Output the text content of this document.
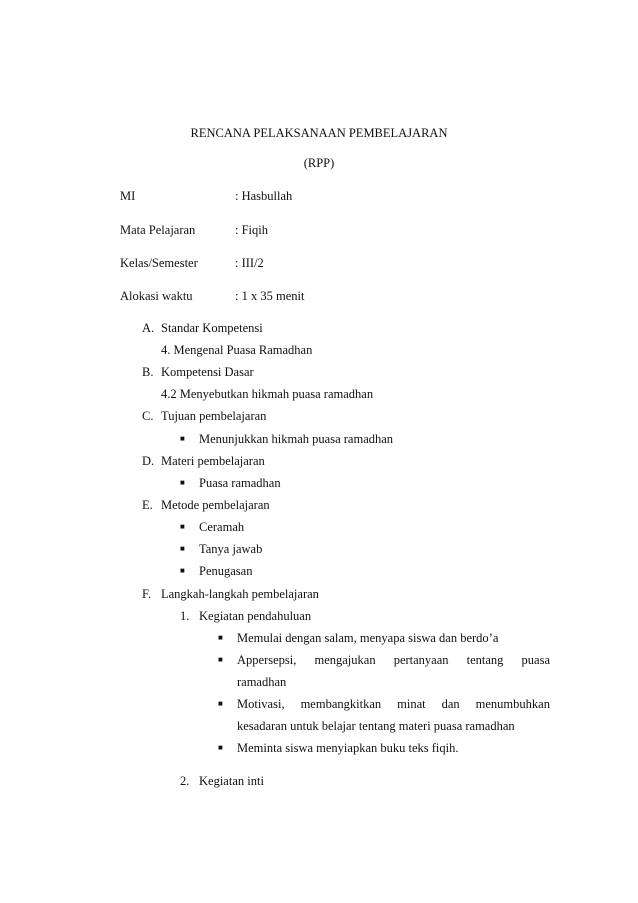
RENCANA PELAKSANAAN PEMBELAJARAN
(RPP)
MI	: Hasbullah
Mata Pelajaran	: Fiqih
Kelas/Semester	: III/2
Alokasi waktu	: 1 x 35 menit
A. Standar Kompetensi
4. Mengenal Puasa Ramadhan
B. Kompetensi Dasar
4.2 Menyebutkan hikmah puasa ramadhan
C. Tujuan pembelajaran
■ Menunjukkan hikmah puasa ramadhan
D. Materi pembelajaran
■ Puasa ramadhan
E. Metode pembelajaran
■ Ceramah
■ Tanya jawab
■ Penugasan
F. Langkah-langkah pembelajaran
1. Kegiatan pendahuluan
■ Memulai dengan salam, menyapa siswa dan berdo’a
■ Appersepsi, mengajukan pertanyaan tentang puasa
ramadhan
■ Motivasi, membangkitkan minat dan menumbuhkan
kesadaran untuk belajar tentang materi puasa ramadhan
■ Meminta siswa menyiapkan buku teks fiqih.
2. Kegiatan inti
